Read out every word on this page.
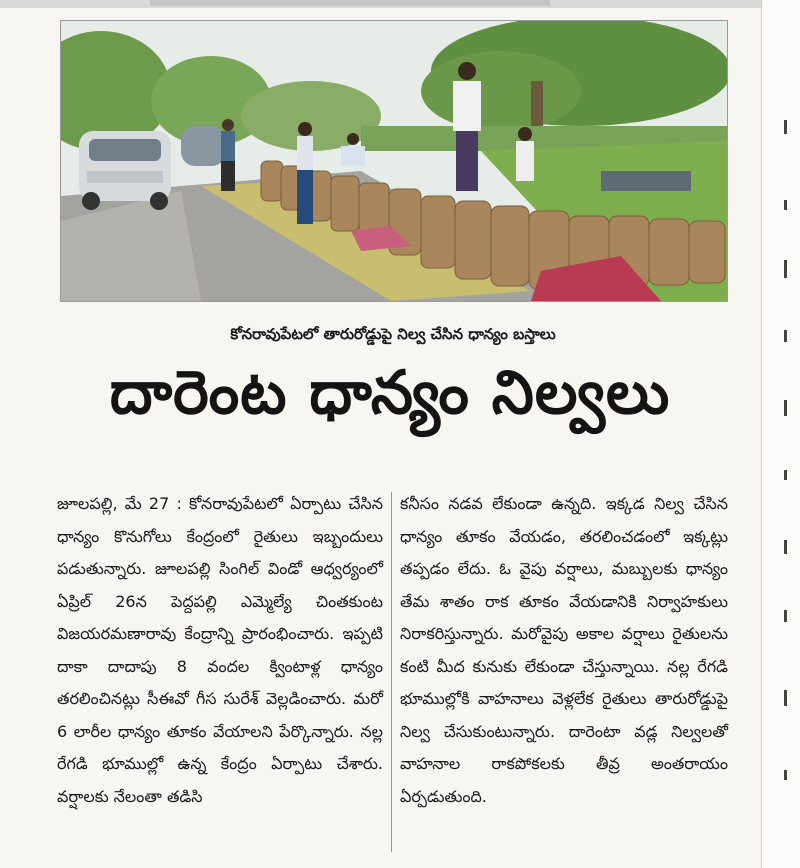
కోనరావుపేటలో తారురోడ్డుపై నిల్వ చేసిన ధాన్యం బస్తాలు
దారెంట ధాన్యం నిల్వలు
జూలపల్లి, మే 27 : కోనరావుపేటలో ఏర్పాటు చేసిన ధాన్యం కొనుగోలు కేంద్రంలో రైతులు ఇబ్బందులు పడుతున్నారు. జూలపల్లి సింగిల్ విండో ఆధ్వర్యంలో ఏప్రిల్ 26న పెద్దపల్లి ఎమ్మెల్యే చింతకుంట విజయరమణారావు కేంద్రాన్ని ప్రారంభించారు. ఇప్పటి దాకా దాదాపు 8 వందల క్వింటాళ్ల ధాన్యం తరలించినట్లు సీఈవో గీస సురేశ్ వెల్లడించారు. మరో 6 లారీల ధాన్యం తూకం వేయాలని పేర్కొన్నారు. నల్ల రేగడి భూముల్లో ఉన్న కేంద్రం ఏర్పాటు చేశారు. వర్షాలకు నేలంతా తడిసి
కనీసం నడవ లేకుండా ఉన్నది. ఇక్కడ నిల్వ చేసిన ధాన్యం తూకం వేయడం, తరలించడంలో ఇక్కట్లు తప్పడం లేదు. ఓ వైపు వర్షాలు, మబ్బులకు ధాన్యం తేమ శాతం రాక తూకం వేయడానికి నిర్వాహకులు నిరాకరిస్తున్నారు. మరోవైపు అకాల వర్షాలు రైతులను కంటి మీద కునుకు లేకుండా చేస్తున్నాయి. నల్ల రేగడి భూముల్లోకి వాహనాలు వెళ్లలేక రైతులు తారురోడ్డుపై నిల్వ చేసుకుంటున్నారు. దారెంటా వడ్ల నిల్వలతో వాహనాల రాకపోకలకు తీవ్ర అంతరాయం ఏర్పడుతుంది.
